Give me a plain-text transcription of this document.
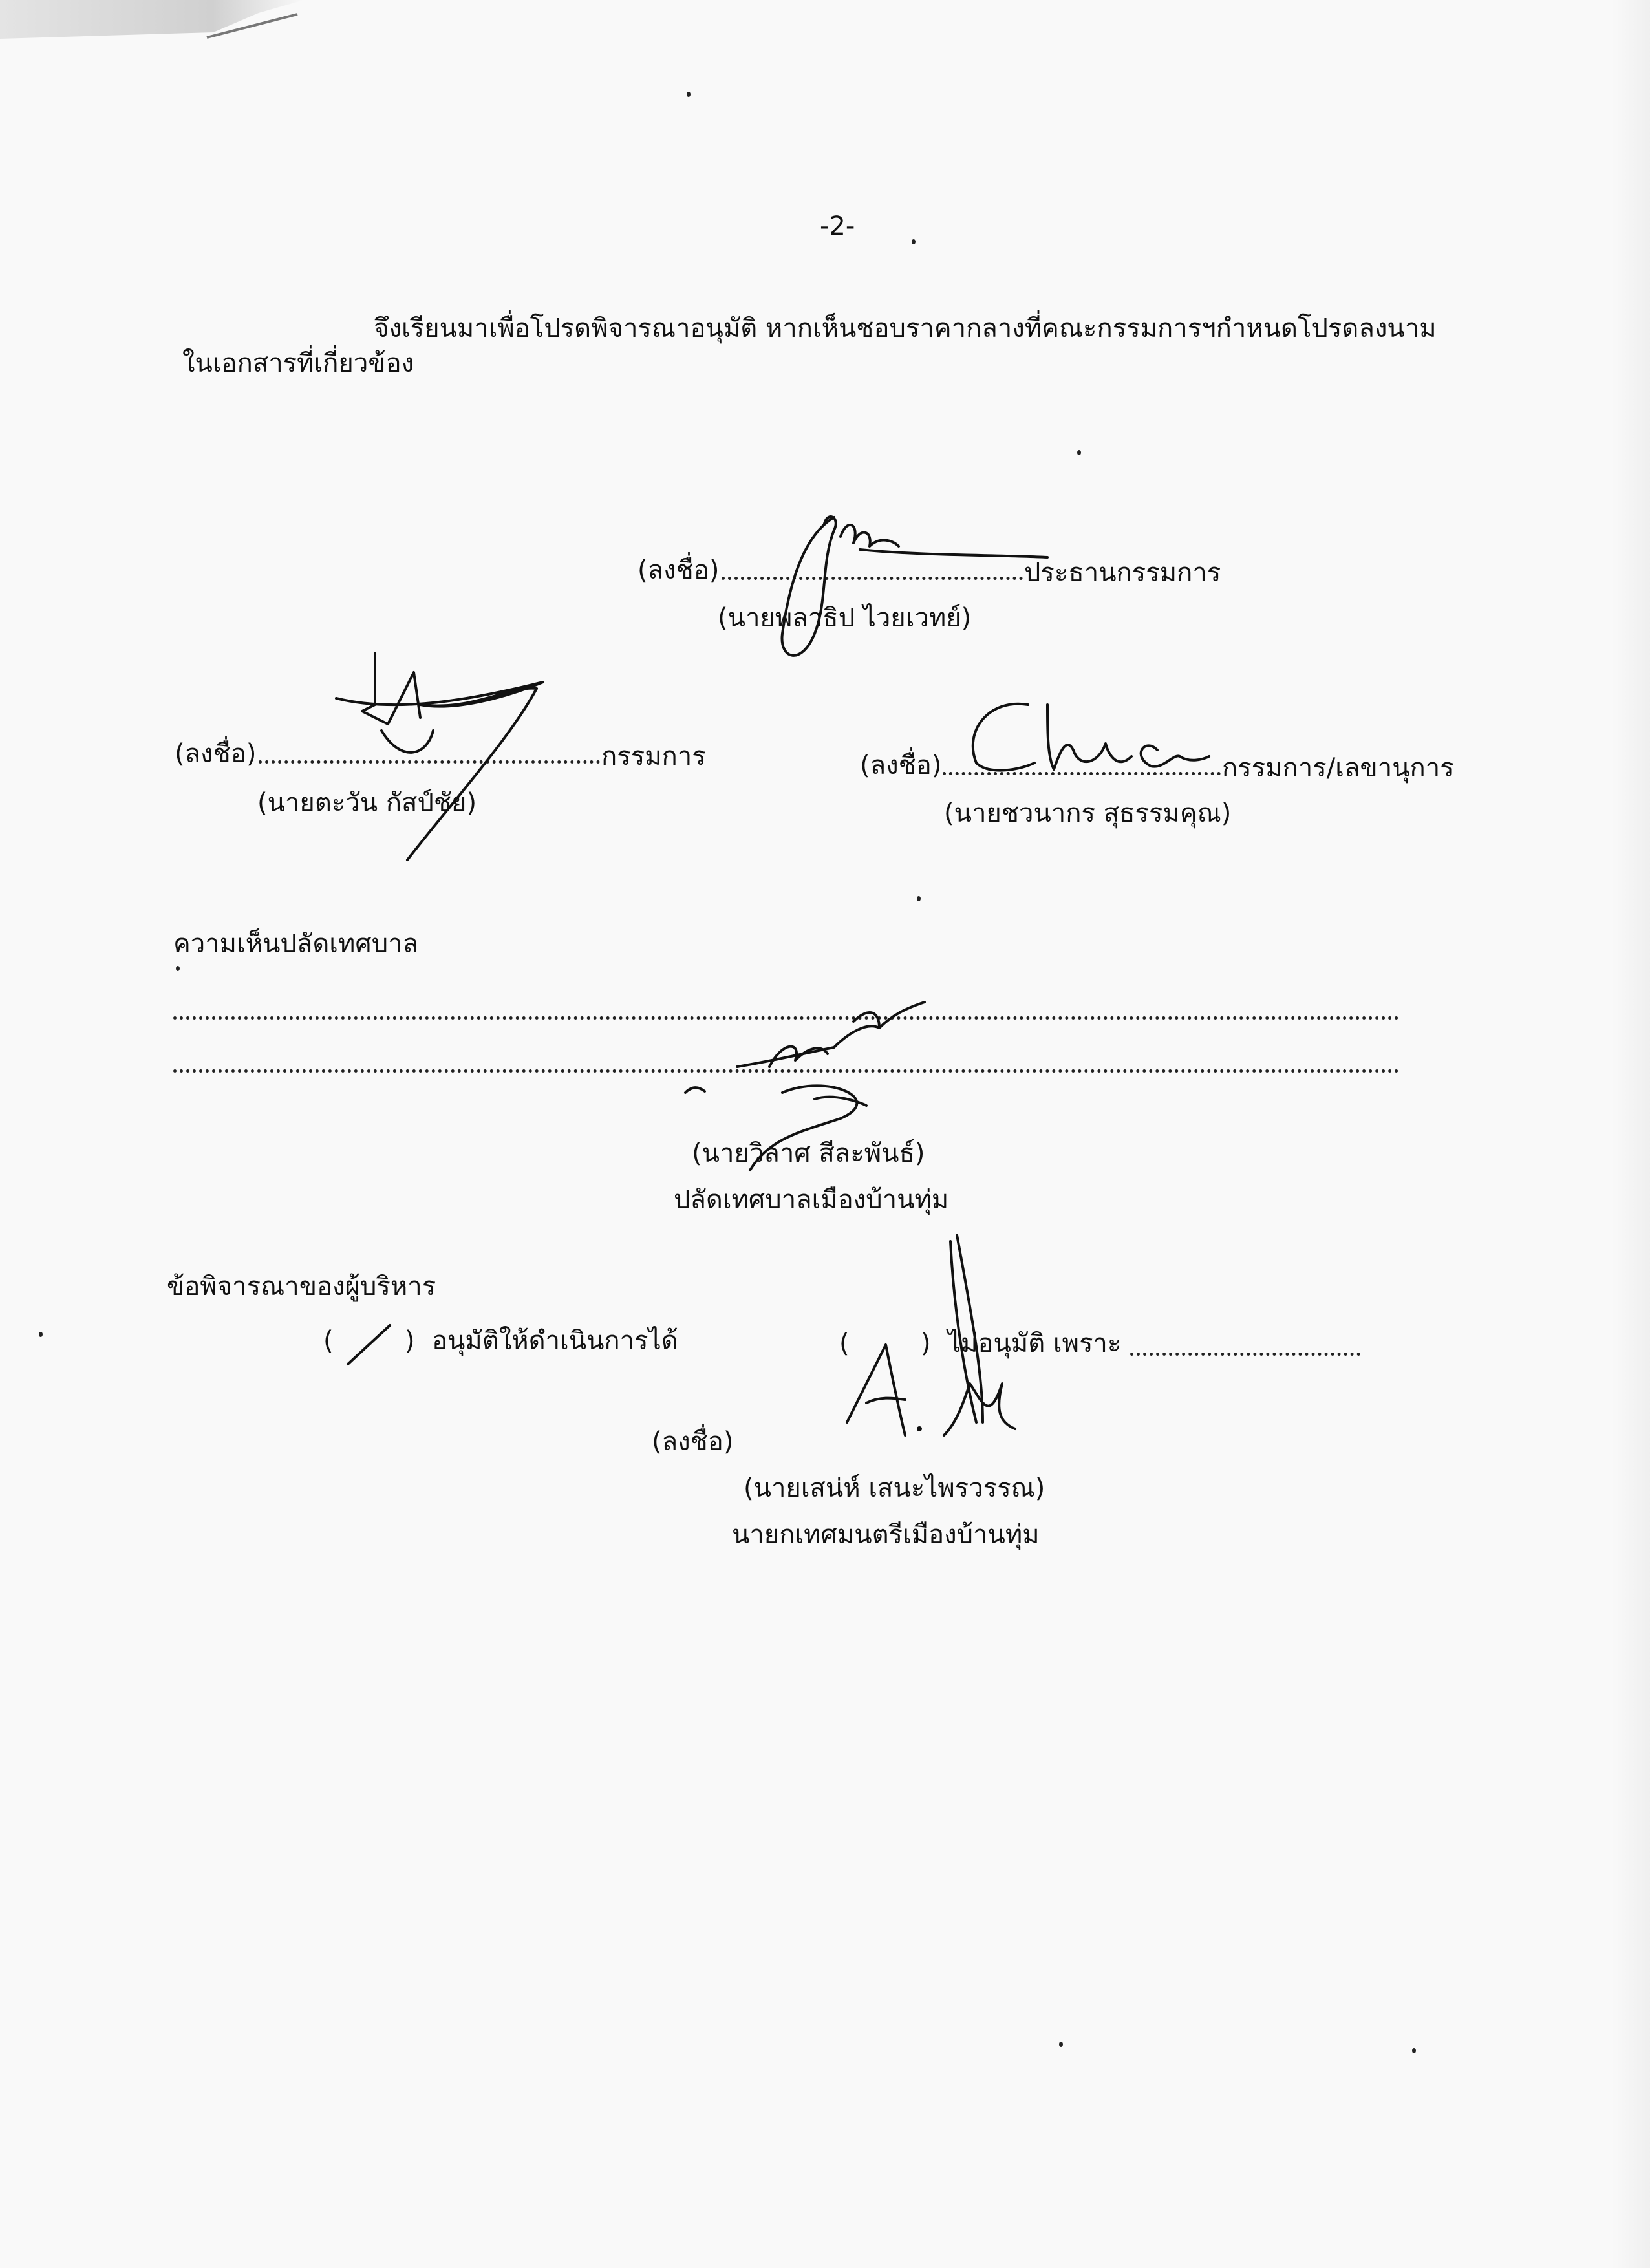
-2-
จึงเรียนมาเพื่อโปรดพิจารณาอนุมัติ หากเห็นชอบราคากลางที่คณะกรรมการฯกำหนดโปรดลงนาม
ในเอกสารที่เกี่ยวข้อง
(ลงชื่อ)	ประธานกรรมการ
(นายพลาธิป ไวยเวทย์)
(ลงชื่อ)	กรรมการ
(นายตะวัน กัสป์ชัย)
(ลงชื่อ)	กรรมการ/เลขานุการ
(นายชวนากร สุธรรมคุณ)
ความเห็นปลัดเทศบาล
(นายวิลาศ สีละพันธ์)
ปลัดเทศบาลเมืองบ้านทุ่ม
ข้อพิจารณาของผู้บริหาร
(	) อนุมัติให้ดำเนินการได้	(	) ไม่อนุมัติ เพราะ
(ลงชื่อ)
(นายเสน่ห์ เสนะไพรวรรณ)
นายกเทศมนตรีเมืองบ้านทุ่ม
